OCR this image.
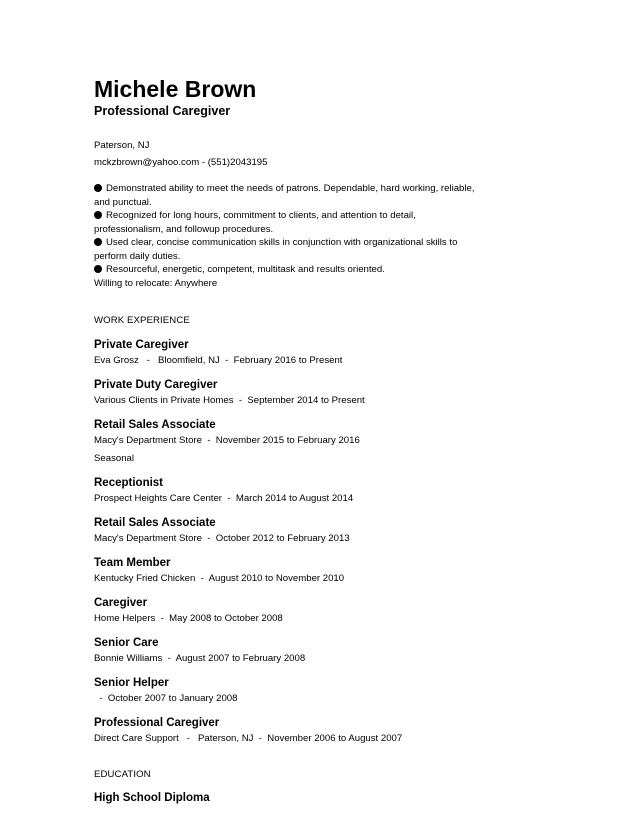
Michele Brown
Professional Caregiver
Paterson, NJ
mckzbrown@yahoo.com - (551)2043195

Demonstrated ability to meet the needs of patrons. Dependable, hard working, reliable, and punctual.

Recognized for long hours, commitment to clients, and attention to detail, professionalism, and followup procedures.

Used clear, concise communication skills in conjunction with organizational skills to perform daily duties.

Resourceful, energetic, competent, multitask and results oriented.

Willing to relocate: Anywhere

WORK EXPERIENCE
Private Caregiver
Eva Grosz   -   Bloomfield, NJ  -  February 2016 to Present
Private Duty Caregiver
Various Clients in Private Homes  -  September 2014 to Present
Retail Sales Associate
Macy's Department Store  -  November 2015 to February 2016
Seasonal
Receptionist
Prospect Heights Care Center  -  March 2014 to August 2014
Retail Sales Associate
Macy's Department Store  -  October 2012 to February 2013
Team Member
Kentucky Fried Chicken  -  August 2010 to November 2010
Caregiver
Home Helpers  -  May 2008 to October 2008
Senior Care
Bonnie Williams  -  August 2007 to February 2008
Senior Helper
-  October 2007 to January 2008
Professional Caregiver
Direct Care Support   -   Paterson, NJ  -  November 2006 to August 2007
EDUCATION
High School Diploma
